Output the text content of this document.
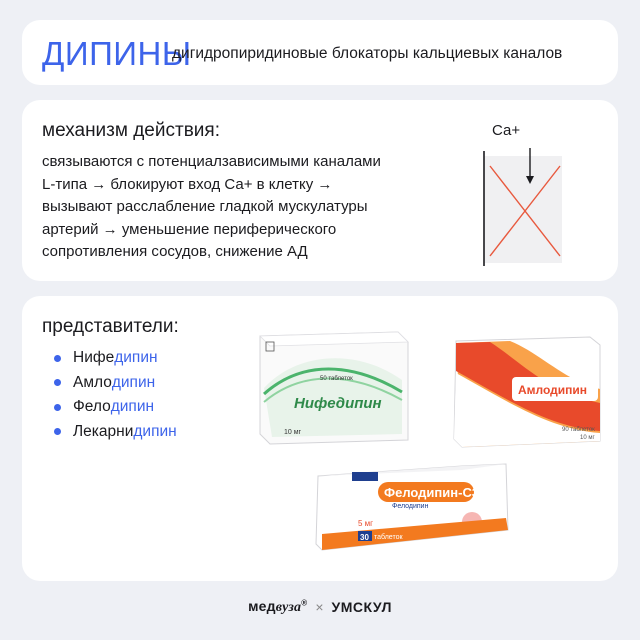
ДИПИНЫ
дигидропиридиновые блокаторы кальциевых каналов
механизм действия:
связываются с потенциалзависимыми каналами
L-типа → блокируют вход Са+ в клетку →
вызывают расслабление гладкой мускулатуры
артерий → уменьшение периферического
сопротивления сосудов, снижение АД
Са+
представители:
Нифе дипин
Амло дипин
Фело дипин
Лекарни дипин
50 таблеток
Нифедипин
10 мг
Амлодипин
90 таблеток
10 мг
Фелодипин-СЗ
Фелодипин
5 мг
30 таблеток
медвуза® × УМСКУЛ
